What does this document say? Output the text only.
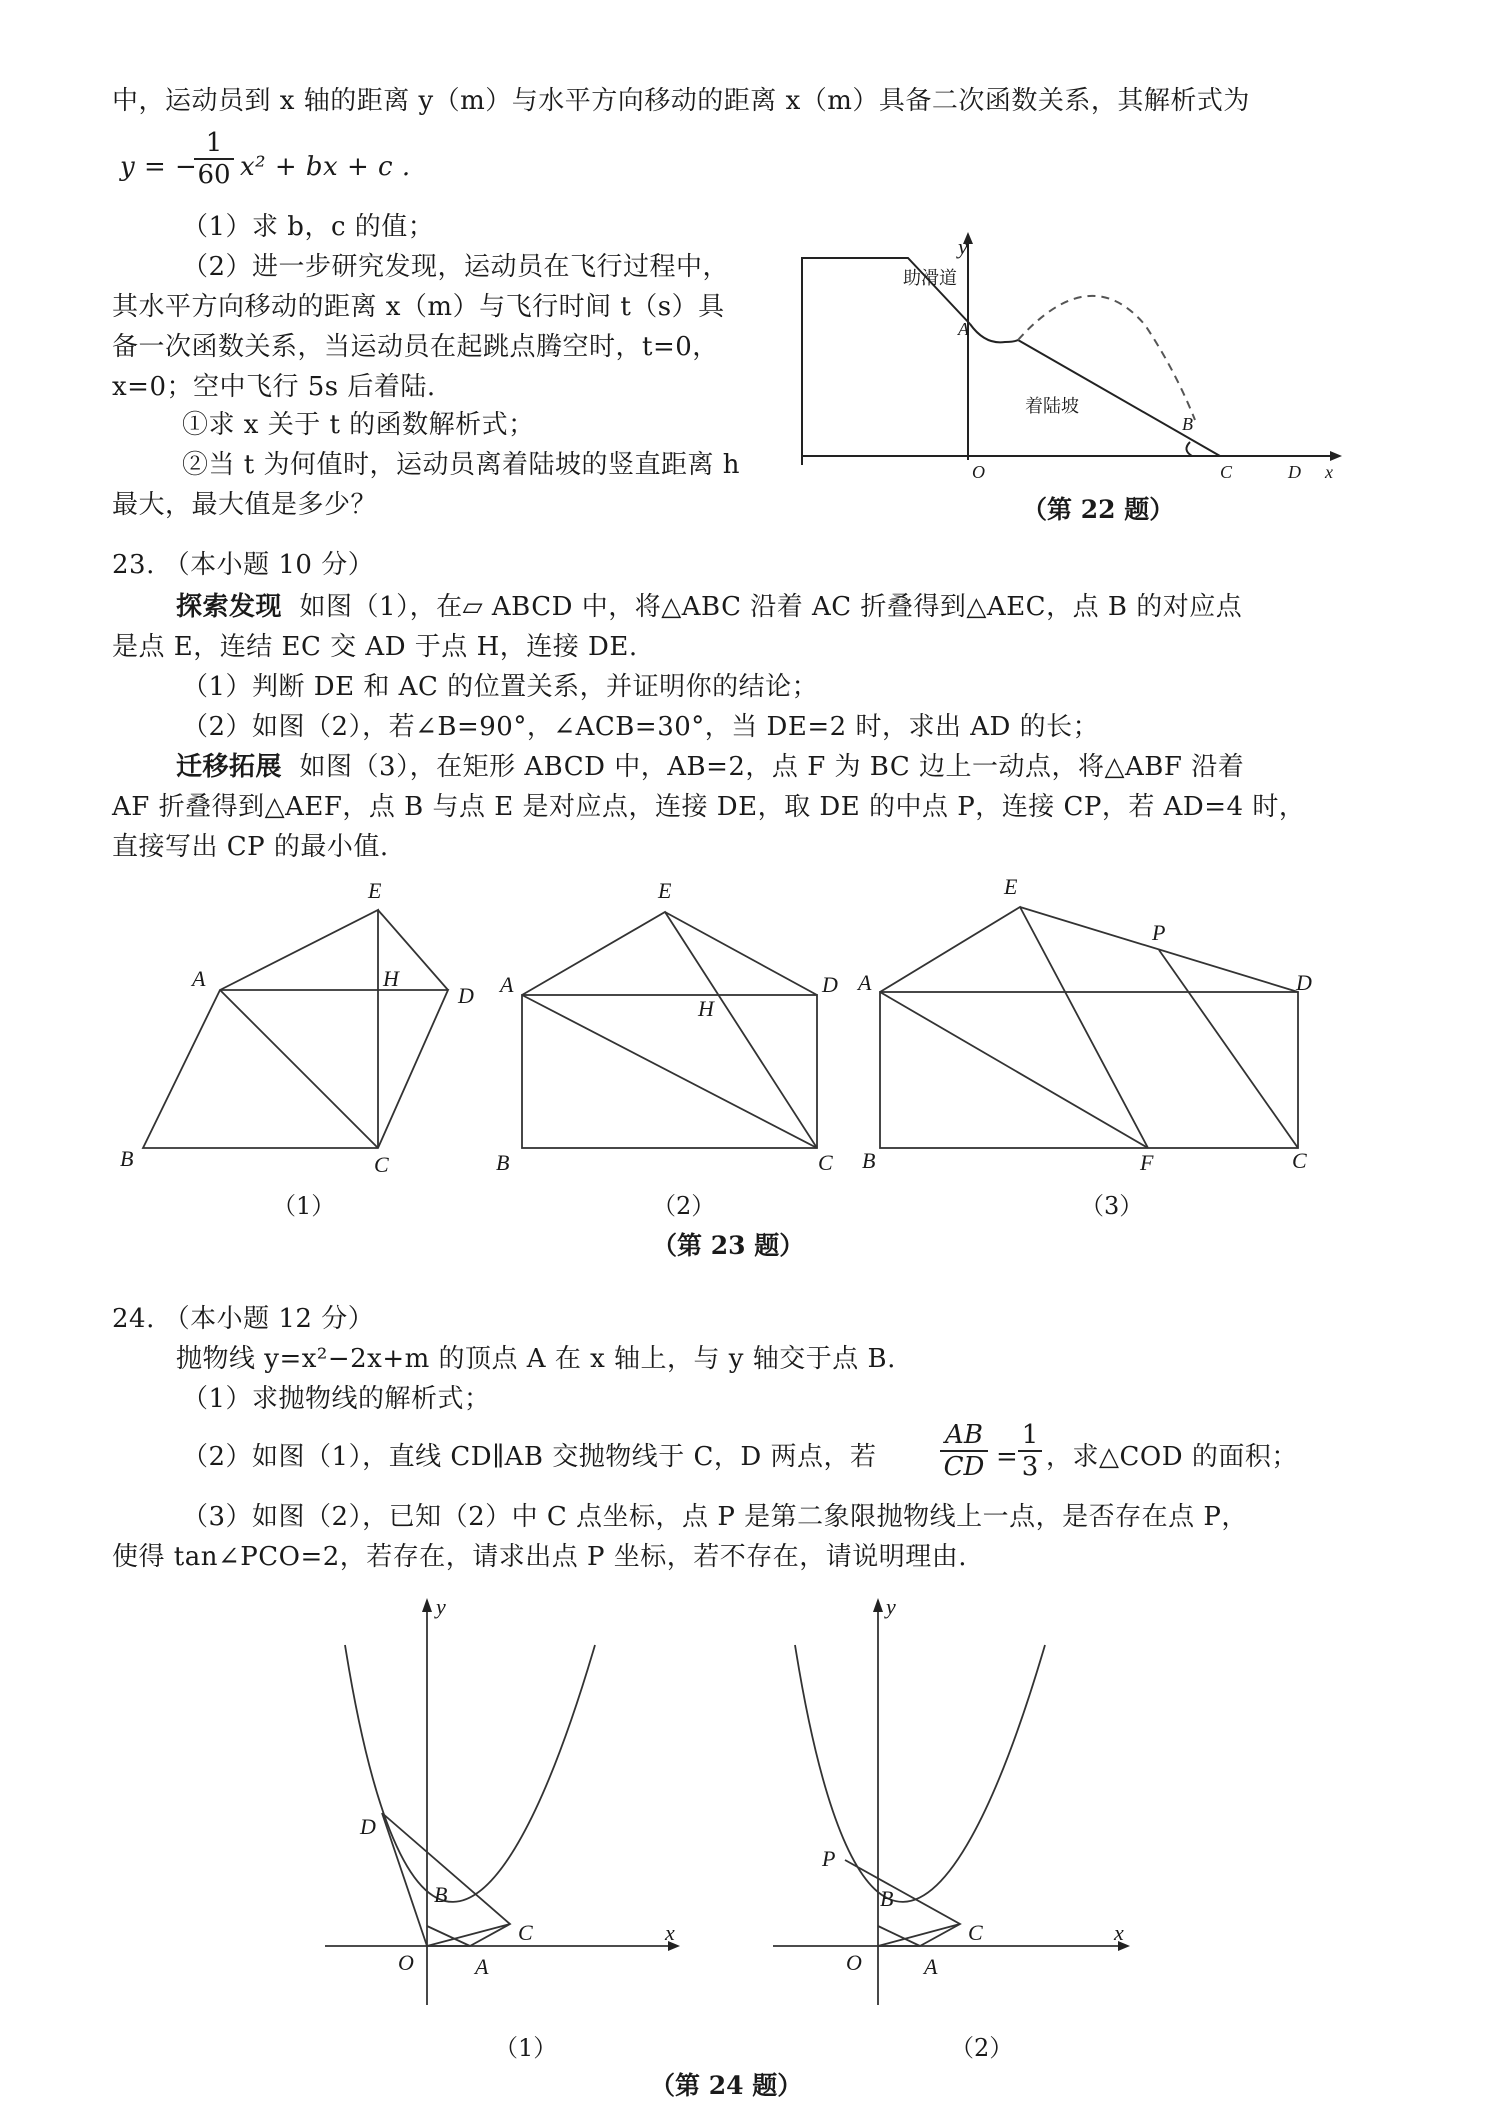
中，运动员到 x 轴的距离 y（m）与水平方向移动的距离 x（m）具备二次函数关系，其解析式为
y = −
$\frac{1}{60} x^2$ + bx + c .
（1）求 b，c 的值；
（2）进一步研究发现，运动员在飞行过程中，
其水平方向移动的距离 x（m）与飞行时间 t（s）具
备一次函数关系，当运动员在起跳点腾空时，t=0，
x=0；空中飞行 5s 后着陆.
①求 x 关于 t 的函数解析式；
②当 t 为何值时，运动员离着陆坡的竖直距离 h
最大，最大值是多少？
y
助滑道
A
着陆坡
B
O	C	D x
（第 22 题）
23. （本小题 10 分）
探索发现 如图（1），在▱ ABCD 中，将△ABC 沿着 AC 折叠得到△AEC，点 B 的对应点
是点 E，连结 EC 交 AD 于点 H，连接 DE.
（1）判断 DE 和 AC 的位置关系，并证明你的结论；
（2）如图（2），若∠B=90°，∠ACB=30°，当 DE=2 时，求出 AD 的长；
迁移拓展 如图（3），在矩形 ABCD 中，AB=2，点 F 为 BC 边上一动点，将△ABF 沿着
AF 折叠得到△AEF，点 B 与点 E 是对应点，连接 DE，取 DE 的中点 P，连接 CP，若 AD=4 时，
直接写出 CP 的最小值.
E
A	H
D
B	C
E
A	D
H
B	C
E
P
A	D
B	F	C
（1）	（2）	（3）
（第 23 题）
24. （本小题 12 分）
抛物线 y=x²−2x+m 的顶点 A 在 x 轴上，与 y 轴交于点 B.
（1）求抛物线的解析式；
（2）如图（1），直线 CD∥AB 交抛物线于 C，D 两点，若 $\frac{AB}{CD} = \frac{1}{3}$ ，求△COD 的面积；
（3）如图（2），已知（2）中 C 点坐标，点 P 是第二象限抛物线上一点，是否存在点 P，
使得 tan∠PCO=2，若存在，请求出点 P 坐标，若不存在，请说明理由.
y
D
B
C	x
O	A
y
P
B
C	x
O	A
（1）	（2）
（第 24 题）
